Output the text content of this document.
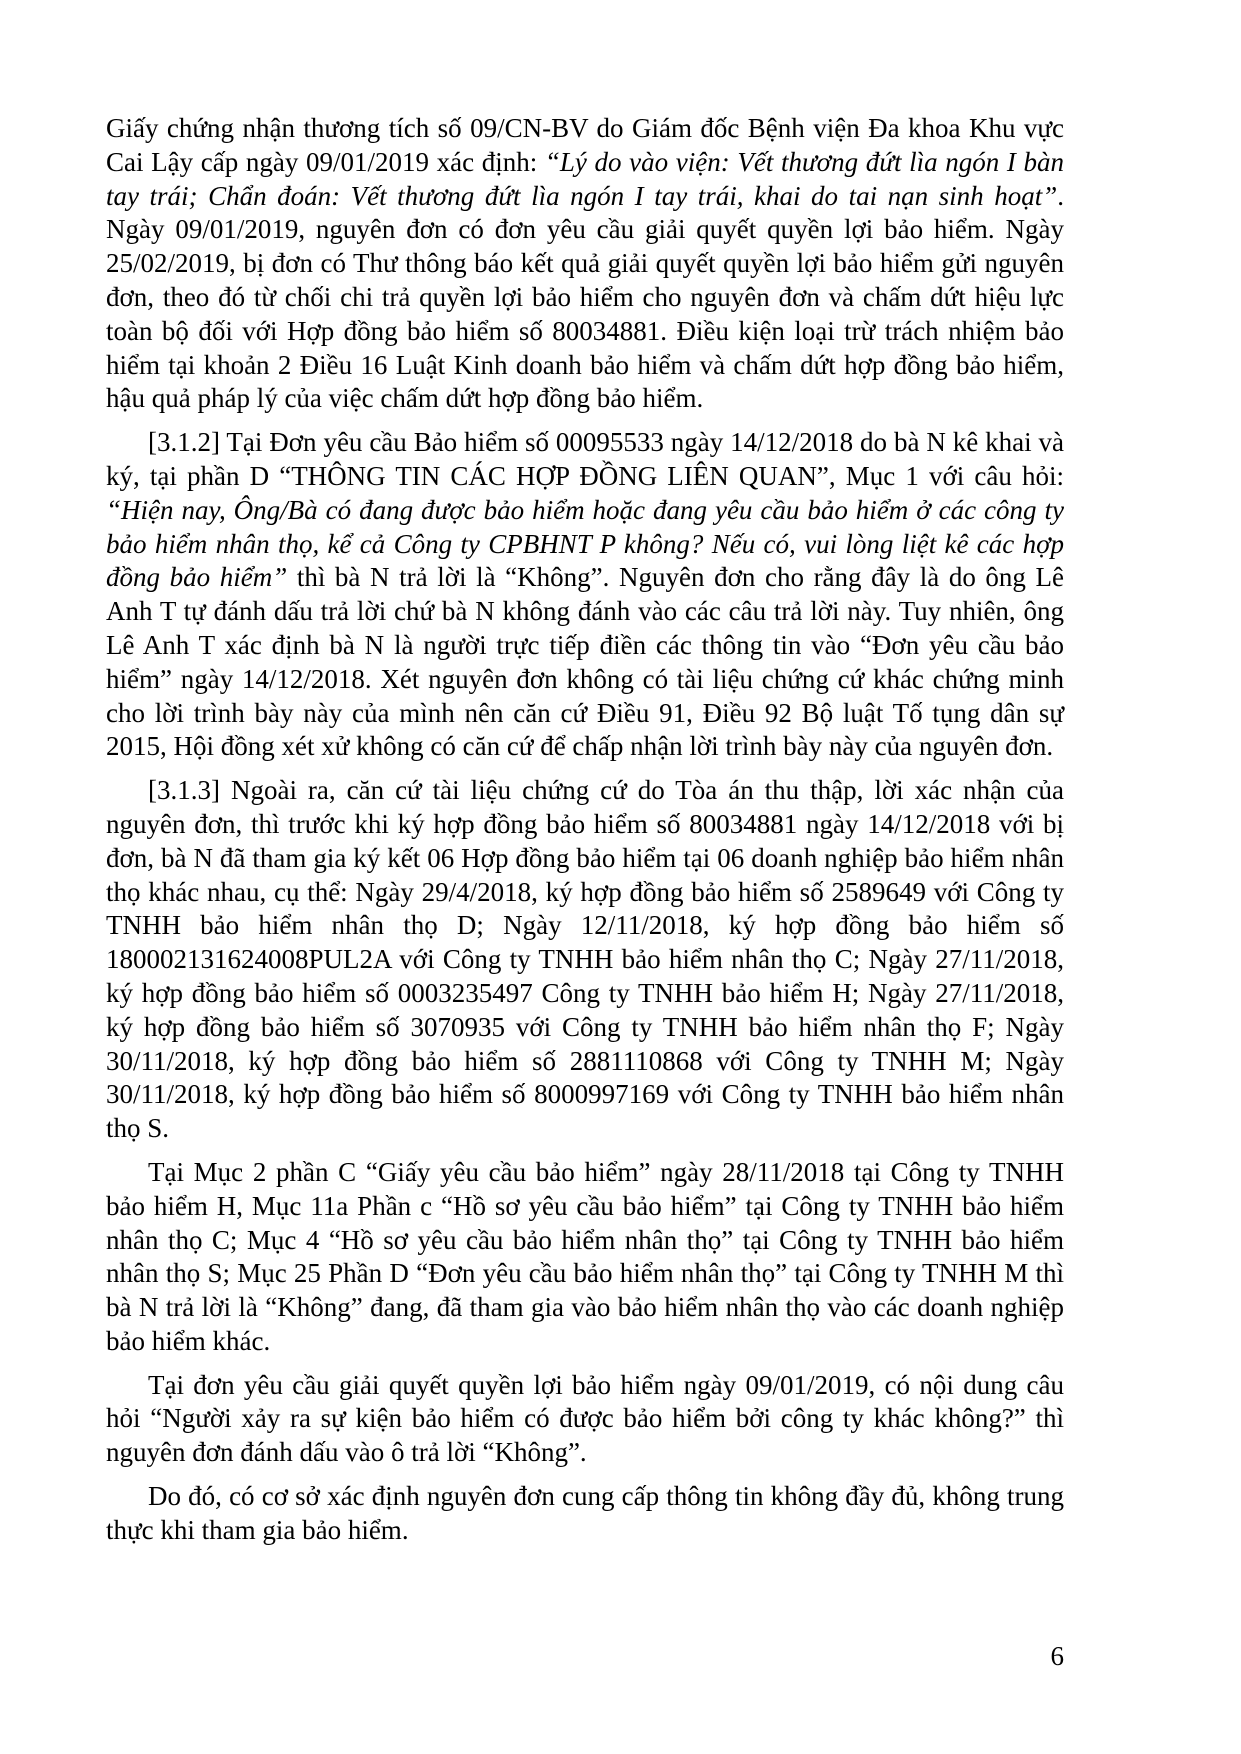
Giấy chứng nhận thương tích số 09/CN-BV do Giám đốc Bệnh viện Đa khoa Khu vực Cai Lậy cấp ngày 09/01/2019 xác định: “Lý do vào viện: Vết thương đứt lìa ngón I bàn tay trái; Chẩn đoán: Vết thương đứt lìa ngón I tay trái, khai do tai nạn sinh hoạt”. Ngày 09/01/2019, nguyên đơn có đơn yêu cầu giải quyết quyền lợi bảo hiểm. Ngày 25/02/2019, bị đơn có Thư thông báo kết quả giải quyết quyền lợi bảo hiểm gửi nguyên đơn, theo đó từ chối chi trả quyền lợi bảo hiểm cho nguyên đơn và chấm dứt hiệu lực toàn bộ đối với Hợp đồng bảo hiểm số 80034881. Điều kiện loại trừ trách nhiệm bảo hiểm tại khoản 2 Điều 16 Luật Kinh doanh bảo hiểm và chấm dứt hợp đồng bảo hiểm, hậu quả pháp lý của việc chấm dứt hợp đồng bảo hiểm.

[3.1.2] Tại Đơn yêu cầu Bảo hiểm số 00095533 ngày 14/12/2018 do bà N kê khai và ký, tại phần D “THÔNG TIN CÁC HỢP ĐỒNG LIÊN QUAN”, Mục 1 với câu hỏi: “Hiện nay, Ông/Bà có đang được bảo hiểm hoặc đang yêu cầu bảo hiểm ở các công ty bảo hiểm nhân thọ, kể cả Công ty CPBHNT P không? Nếu có, vui lòng liệt kê các hợp đồng bảo hiểm” thì bà N trả lời là “Không”. Nguyên đơn cho rằng đây là do ông Lê Anh T tự đánh dấu trả lời chứ bà N không đánh vào các câu trả lời này. Tuy nhiên, ông Lê Anh T xác định bà N là người trực tiếp điền các thông tin vào “Đơn yêu cầu bảo hiểm” ngày 14/12/2018. Xét nguyên đơn không có tài liệu chứng cứ khác chứng minh cho lời trình bày này của mình nên căn cứ Điều 91, Điều 92 Bộ luật Tố tụng dân sự 2015, Hội đồng xét xử không có căn cứ để chấp nhận lời trình bày này của nguyên đơn.

[3.1.3] Ngoài ra, căn cứ tài liệu chứng cứ do Tòa án thu thập, lời xác nhận của nguyên đơn, thì trước khi ký hợp đồng bảo hiểm số 80034881 ngày 14/12/2018 với bị đơn, bà N đã tham gia ký kết 06 Hợp đồng bảo hiểm tại 06 doanh nghiệp bảo hiểm nhân thọ khác nhau, cụ thể: Ngày 29/4/2018, ký hợp đồng bảo hiểm số 2589649 với Công ty TNHH bảo hiểm nhân thọ D; Ngày 12/11/2018, ký hợp đồng bảo hiểm số 180002131624008PUL2A với Công ty TNHH bảo hiểm nhân thọ C; Ngày 27/11/2018, ký hợp đồng bảo hiểm số 0003235497 Công ty TNHH bảo hiểm H; Ngày 27/11/2018, ký hợp đồng bảo hiểm số 3070935 với Công ty TNHH bảo hiểm nhân thọ F; Ngày 30/11/2018, ký hợp đồng bảo hiểm số 2881110868 với Công ty TNHH M; Ngày 30/11/2018, ký hợp đồng bảo hiểm số 8000997169 với Công ty TNHH bảo hiểm nhân thọ S.

Tại Mục 2 phần C “Giấy yêu cầu bảo hiểm” ngày 28/11/2018 tại Công ty TNHH bảo hiểm H, Mục 11a Phần c “Hồ sơ yêu cầu bảo hiểm” tại Công ty TNHH bảo hiểm nhân thọ C; Mục 4 “Hồ sơ yêu cầu bảo hiểm nhân thọ” tại Công ty TNHH bảo hiểm nhân thọ S; Mục 25 Phần D “Đơn yêu cầu bảo hiểm nhân thọ” tại Công ty TNHH M thì bà N trả lời là “Không” đang, đã tham gia vào bảo hiểm nhân thọ vào các doanh nghiệp bảo hiểm khác.

Tại đơn yêu cầu giải quyết quyền lợi bảo hiểm ngày 09/01/2019, có nội dung câu hỏi “Người xảy ra sự kiện bảo hiểm có được bảo hiểm bởi công ty khác không?” thì nguyên đơn đánh dấu vào ô trả lời “Không”.

Do đó, có cơ sở xác định nguyên đơn cung cấp thông tin không đầy đủ, không trung thực khi tham gia bảo hiểm.

6
